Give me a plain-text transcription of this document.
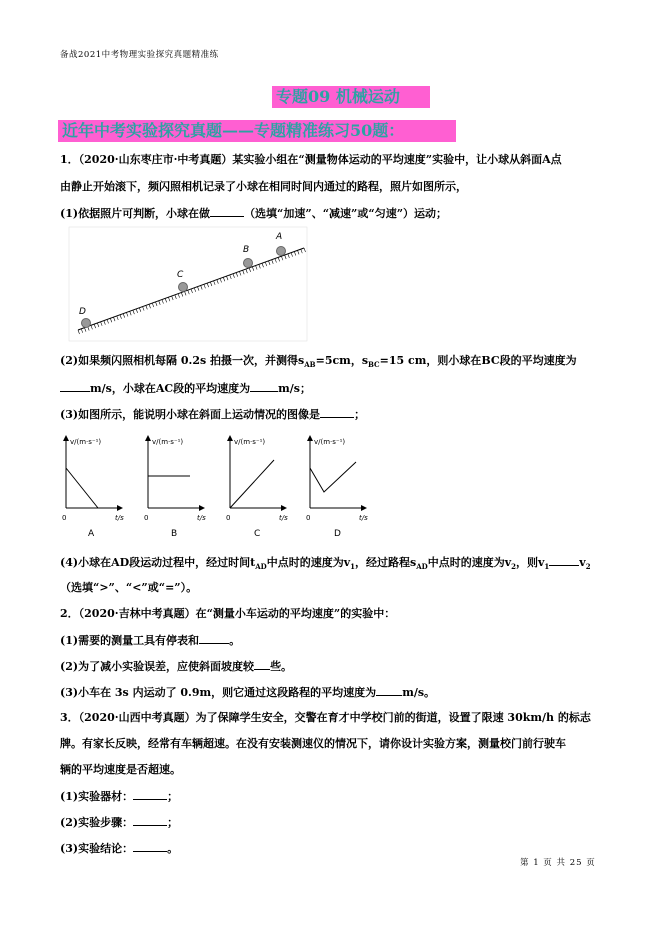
备战2021中考物理实验探究真题精准练
专题09 机械运动
近年中考实验探究真题——专题精准练习50题：
1．（2020·山东枣庄市·中考真题）某实验小组在“测量物体运动的平均速度”实验中，让小球从斜面A点
由静止开始滚下，频闪照相机记录了小球在相同时间内通过的路程，照片如图所示，
(1)依据照片可判断，小球在做	（选填“加速”、“减速”或“匀速”）运动；
A
B
C
D
(2)如果频闪照相机每隔 0.2s 拍摄一次，并测得$s_{AB}=5cm$，$s_{BC}=15$ cm，则小球在BC段的平均速度为
m/s，小球在AC段的平均速度为	m/s；
(3)如图所示，能说明小球在斜面上运动情况的图像是	；
v/(m·s⁻¹)
0	t/s
A
v/(m·s⁻¹)
0	t/s
B
v/(m·s⁻¹)
0	t/s
C
v/(m·s⁻¹)
0	t/s
D
(4)小球在AD段运动过程中，经过时间$t_{AD}$中点时的速度为$v_1$，经过路程$s_{AD}$中点时的速度为$v_2$，则$v_1$	$v_2$
（选填“>”、“<”或“=”）。
2．（2020·吉林中考真题）在“测量小车运动的平均速度”的实验中：
(1)需要的测量工具有停表和	。
(2)为了减小实验误差，应使斜面坡度较 些。
(3)小车在 3s 内运动了 0.9m，则它通过这段路程的平均速度为 m/s。
3．（2020·山西中考真题）为了保障学生安全，交警在育才中学校门前的街道，设置了限速 30km/h 的标志
牌。有家长反映，经常有车辆超速。在没有安装测速仪的情况下，请你设计实验方案，测量校门前行驶车
辆的平均速度是否超速。
(1)实验器材：	；
(2)实验步骤：	；
(3)实验结论：	。
第 1 页 共 25 页
